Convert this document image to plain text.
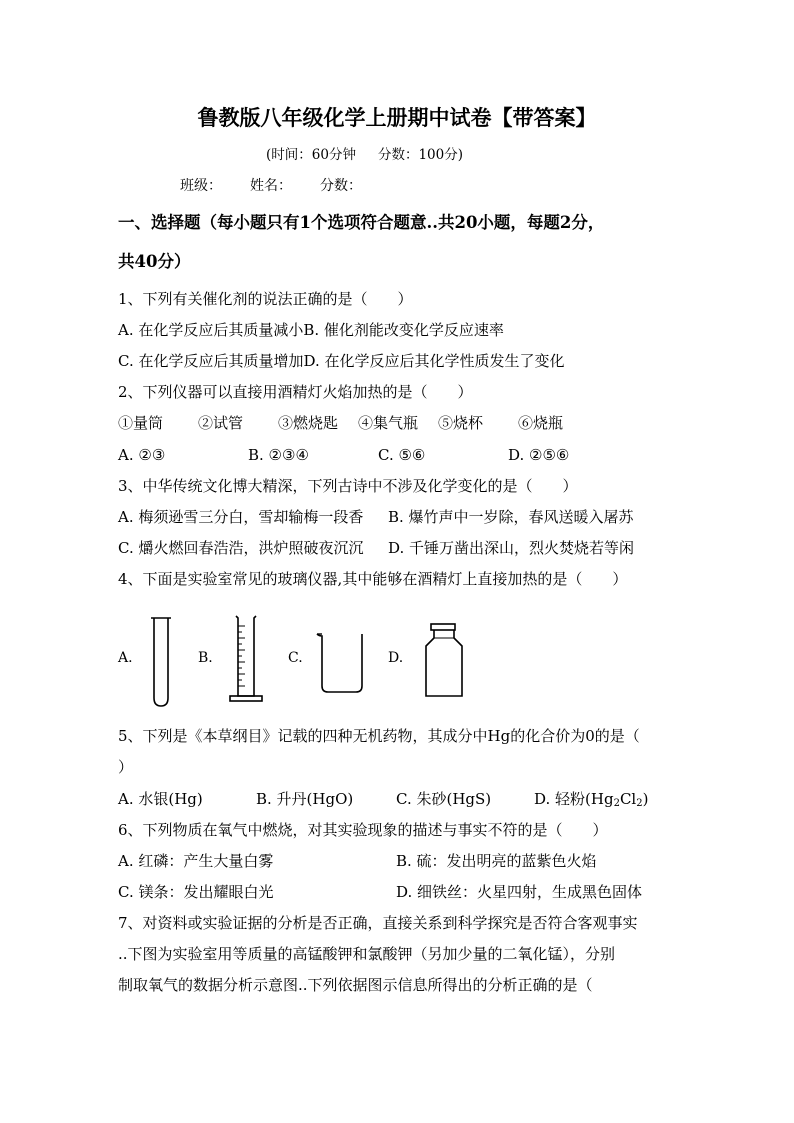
鲁教版八年级化学上册期中试卷【带答案】
(时间：60分钟 分数：100分)
班级： 姓名： 分数：
一、选择题（每小题只有1个选项符合题意..共20小题，每题2分，
共40分）
1、下列有关催化剂的说法正确的是（　　）
A. 在化学反应后其质量减小B. 催化剂能改变化学反应速率
C. 在化学反应后其质量增加D. 在化学反应后其化学性质发生了变化
2、下列仪器可以直接用酒精灯火焰加热的是（　　）
①量筒 ②试管 ③燃烧匙 ④集气瓶 ⑤烧杯 ⑥烧瓶
A. ②③	B. ②③④	C. ⑤⑥	D. ②⑤⑥
3、中华传统文化博大精深，下列古诗中不涉及化学变化的是（　　）
A. 梅须逊雪三分白，雪却输梅一段香 B. 爆竹声中一岁除，春风送暖入屠苏
C. 爝火燃回春浩浩，洪炉照破夜沉沉 D. 千锤万凿出深山，烈火焚烧若等闲
4、下面是实验室常见的玻璃仪器,其中能够在酒精灯上直接加热的是（　　）
A.	B.	C.	D.
5、下列是《本草纲目》记载的四种无机药物，其成分中Hg的化合价为0的是（
）
A. 水银(Hg)	B. 升丹(HgO)	C. 朱砂(HgS)	D. 轻粉$(Hg_2Cl_2)$
6、下列物质在氧气中燃烧，对其实验现象的描述与事实不符的是（　　）
A. 红磷：产生大量白雾	B. 硫：发出明亮的蓝紫色火焰
C. 镁条：发出耀眼白光	D. 细铁丝：火星四射，生成黑色固体
7、对资料或实验证据的分析是否正确，直接关系到科学探究是否符合客观事实
..下图为实验室用等质量的高锰酸钾和氯酸钾（另加少量的二氧化锰），分别
制取氧气的数据分析示意图..下列依据图示信息所得出的分析正确的是（
